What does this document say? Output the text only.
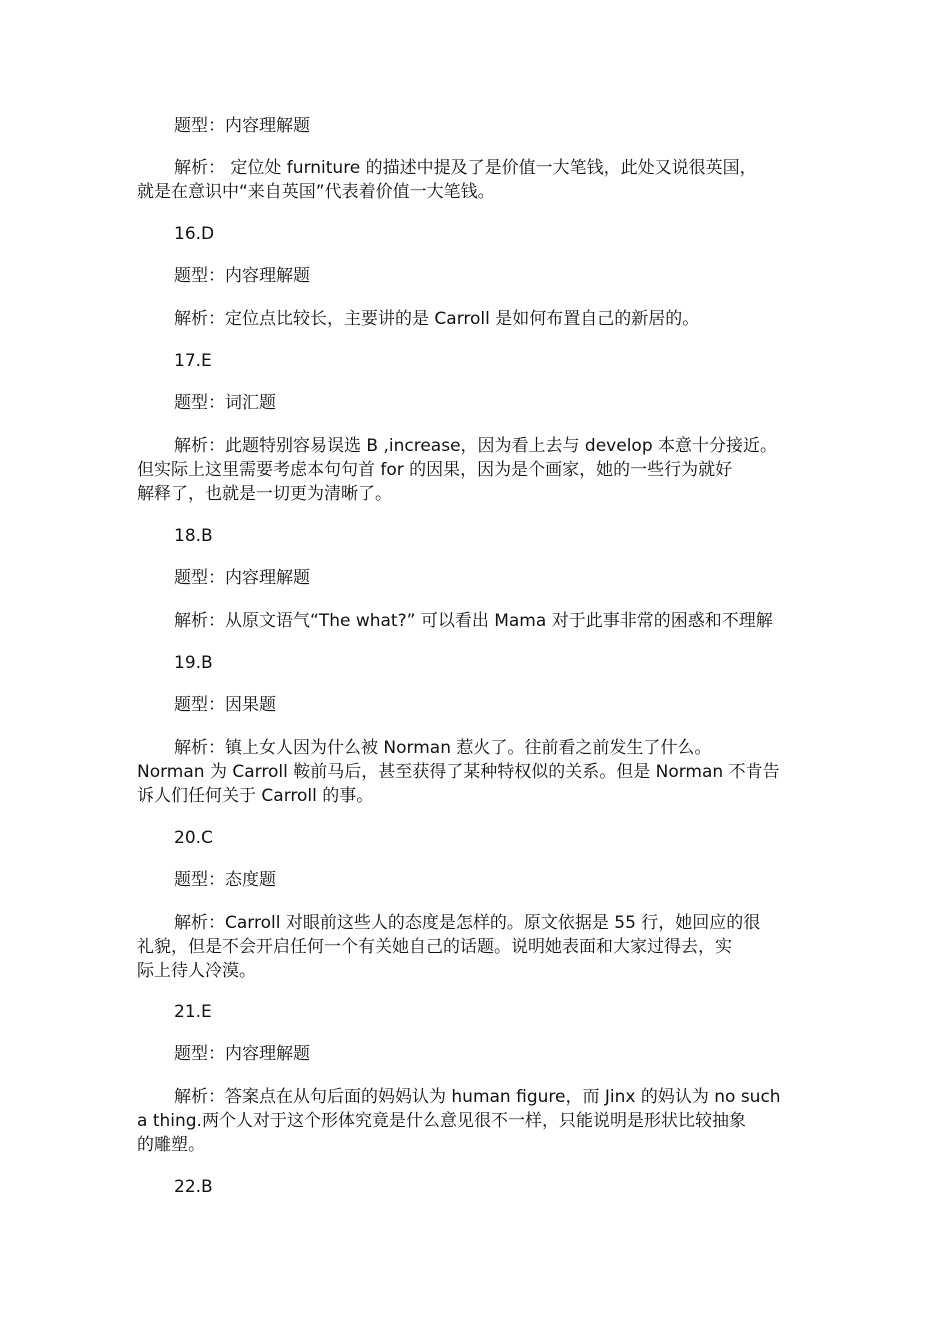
题型：内容理解题
解析： 定位处 furniture 的描述中提及了是价值一大笔钱，此处又说很英国，
就是在意识中“来自英国”代表着价值一大笔钱。
16.D
题型：内容理解题
解析：定位点比较长，主要讲的是 Carroll 是如何布置自己的新居的。
17.E
题型：词汇题
解析：此题特别容易误选 B ,increase，因为看上去与 develop 本意十分接近。
但实际上这里需要考虑本句句首 for 的因果，因为是个画家，她的一些行为就好
解释了，也就是一切更为清晰了。
18.B
题型：内容理解题
解析：从原文语气“The what?” 可以看出 Mama 对于此事非常的困惑和不理解
19.B
题型：因果题
解析：镇上女人因为什么被 Norman 惹火了。往前看之前发生了什么。
Norman 为 Carroll 鞍前马后，甚至获得了某种特权似的关系。但是 Norman 不肯告
诉人们任何关于 Carroll 的事。
20.C
题型：态度题
解析：Carroll 对眼前这些人的态度是怎样的。原文依据是 55 行，她回应的很
礼貌，但是不会开启任何一个有关她自己的话题。说明她表面和大家过得去，实
际上待人冷漠。
21.E
题型：内容理解题
解析：答案点在从句后面的妈妈认为 human figure，而 Jinx 的妈认为 no such
a thing.两个人对于这个形体究竟是什么意见很不一样，只能说明是形状比较抽象
的雕塑。
22.B
